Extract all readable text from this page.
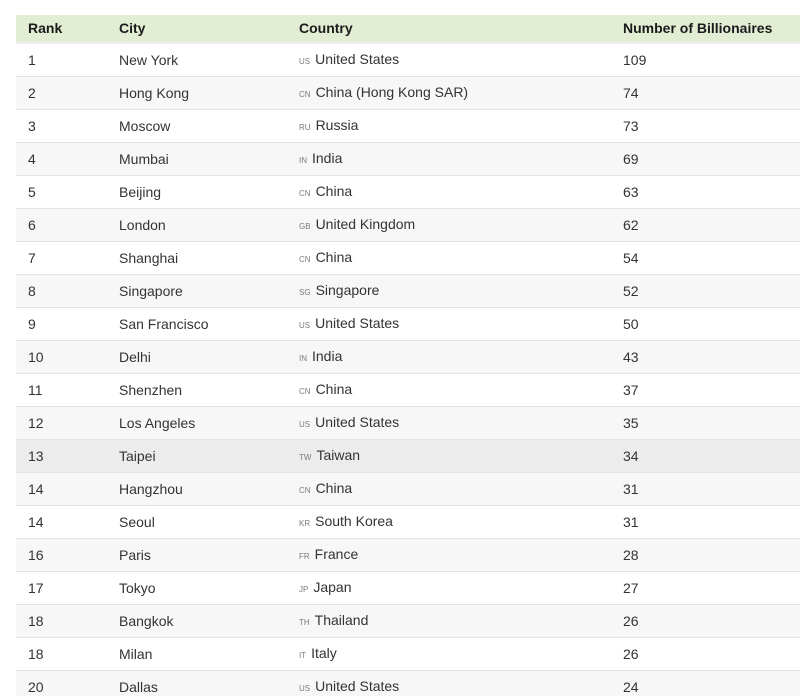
Rank	City	Country	Number of Billionaires
1	New York	us United States	109
2	Hong Kong	cn China (Hong Kong SAR)	74
3	Moscow	ru Russia	73
4	Mumbai	in India	69
5	Beijing	cn China	63
6	London	gb United Kingdom	62
7	Shanghai	cn China	54
8	Singapore	sg Singapore	52
9	San Francisco	us United States	50
10	Delhi	in India	43
11	Shenzhen	cn China	37
12	Los Angeles	us United States	35
13	Taipei	tw Taiwan	34
14	Hangzhou	cn China	31
14	Seoul	kr South Korea	31
16	Paris	fr France	28
17	Tokyo	jp Japan	27
18	Bangkok	th Thailand	26
18	Milan	it Italy	26
20	Dallas	us United States	24
